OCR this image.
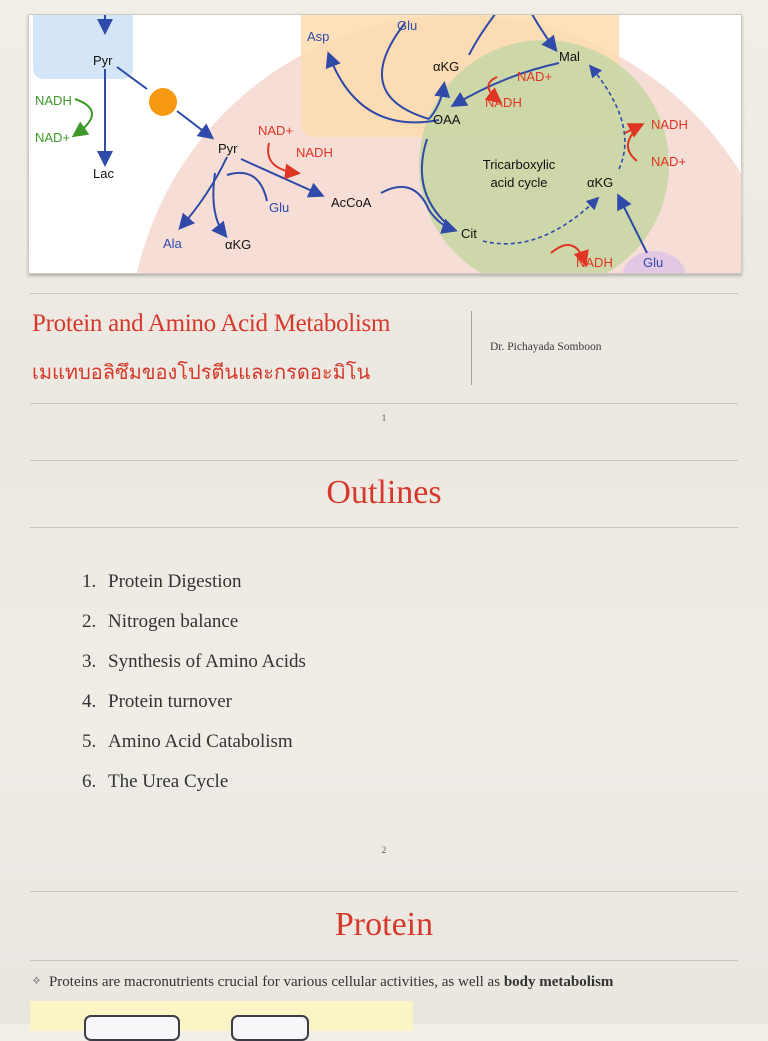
Pyr
Lac
Pyr
AcCoA
αKG
αKG
Mal
OAA
Tricarboxylic
acid cycle	αKG
Cit
Glu
Ala
Asp
Glu
Glu
NAD+
NADH
NAD+
NADH
NADH
NAD+
NADH
NADH
NAD+
Protein and Amino Acid Metabolism
เมแทบอลิซึมของโปรตีนและกรดอะมิโน
Dr. Pichayada Somboon
1
Outlines
1. Protein Digestion
2. Nitrogen balance
3. Synthesis of Amino Acids
4. Protein turnover
5. Amino Acid Catabolism
6. The Urea Cycle
2
Protein
❖ Proteins are macronutrients crucial for various cellular activities, as well as body metabolism
